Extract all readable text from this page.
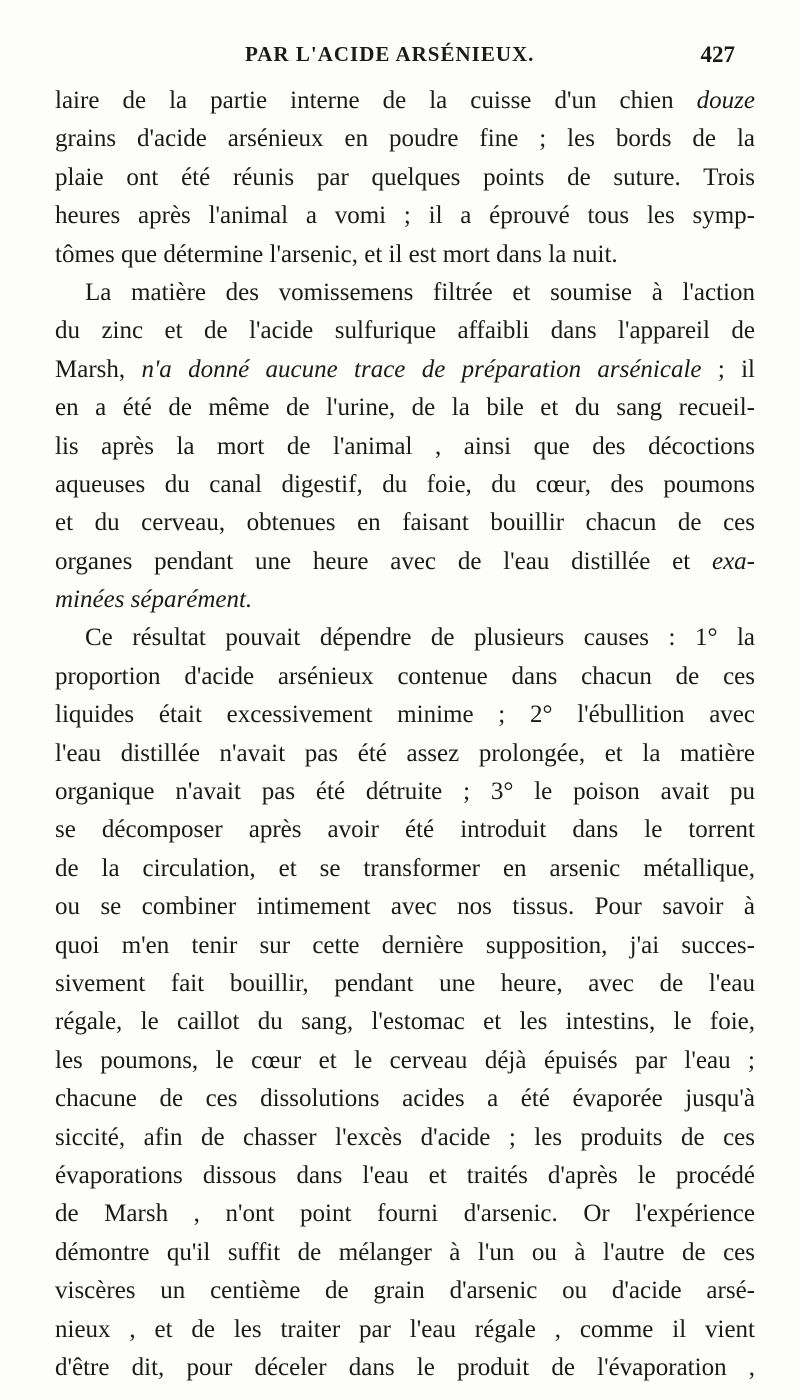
PAR L'ACIDE ARSÉNIEUX.	427
laire de la partie interne de la cuisse d'un chien douze
grains d'acide arsénieux en poudre fine ; les bords de la
plaie ont été réunis par quelques points de suture. Trois
heures après l'animal a vomi ; il a éprouvé tous les symp-
tômes que détermine l'arsenic, et il est mort dans la nuit.
La matière des vomissemens filtrée et soumise à l'action
du zinc et de l'acide sulfurique affaibli dans l'appareil de
Marsh, n'a donné aucune trace de préparation arsénicale ; il
en a été de même de l'urine, de la bile et du sang recueil-
lis après la mort de l'animal , ainsi que des décoctions
aqueuses du canal digestif, du foie, du cœur, des poumons
et du cerveau, obtenues en faisant bouillir chacun de ces
organes pendant une heure avec de l'eau distillée et exa-
minées séparément.
Ce résultat pouvait dépendre de plusieurs causes : 1° la
proportion d'acide arsénieux contenue dans chacun de ces
liquides était excessivement minime ; 2° l'ébullition avec
l'eau distillée n'avait pas été assez prolongée, et la matière
organique n'avait pas été détruite ; 3° le poison avait pu
se décomposer après avoir été introduit dans le torrent
de la circulation, et se transformer en arsenic métallique,
ou se combiner intimement avec nos tissus. Pour savoir à
quoi m'en tenir sur cette dernière supposition, j'ai succes-
sivement fait bouillir, pendant une heure, avec de l'eau
régale, le caillot du sang, l'estomac et les intestins, le foie,
les poumons, le cœur et le cerveau déjà épuisés par l'eau ;
chacune de ces dissolutions acides a été évaporée jusqu'à
siccité, afin de chasser l'excès d'acide ; les produits de ces
évaporations dissous dans l'eau et traités d'après le procédé
de Marsh , n'ont point fourni d'arsenic. Or l'expérience
démontre qu'il suffit de mélanger à l'un ou à l'autre de ces
viscères un centième de grain d'arsenic ou d'acide arsé-
nieux , et de les traiter par l'eau régale , comme il vient
d'être dit, pour déceler dans le produit de l'évaporation ,
